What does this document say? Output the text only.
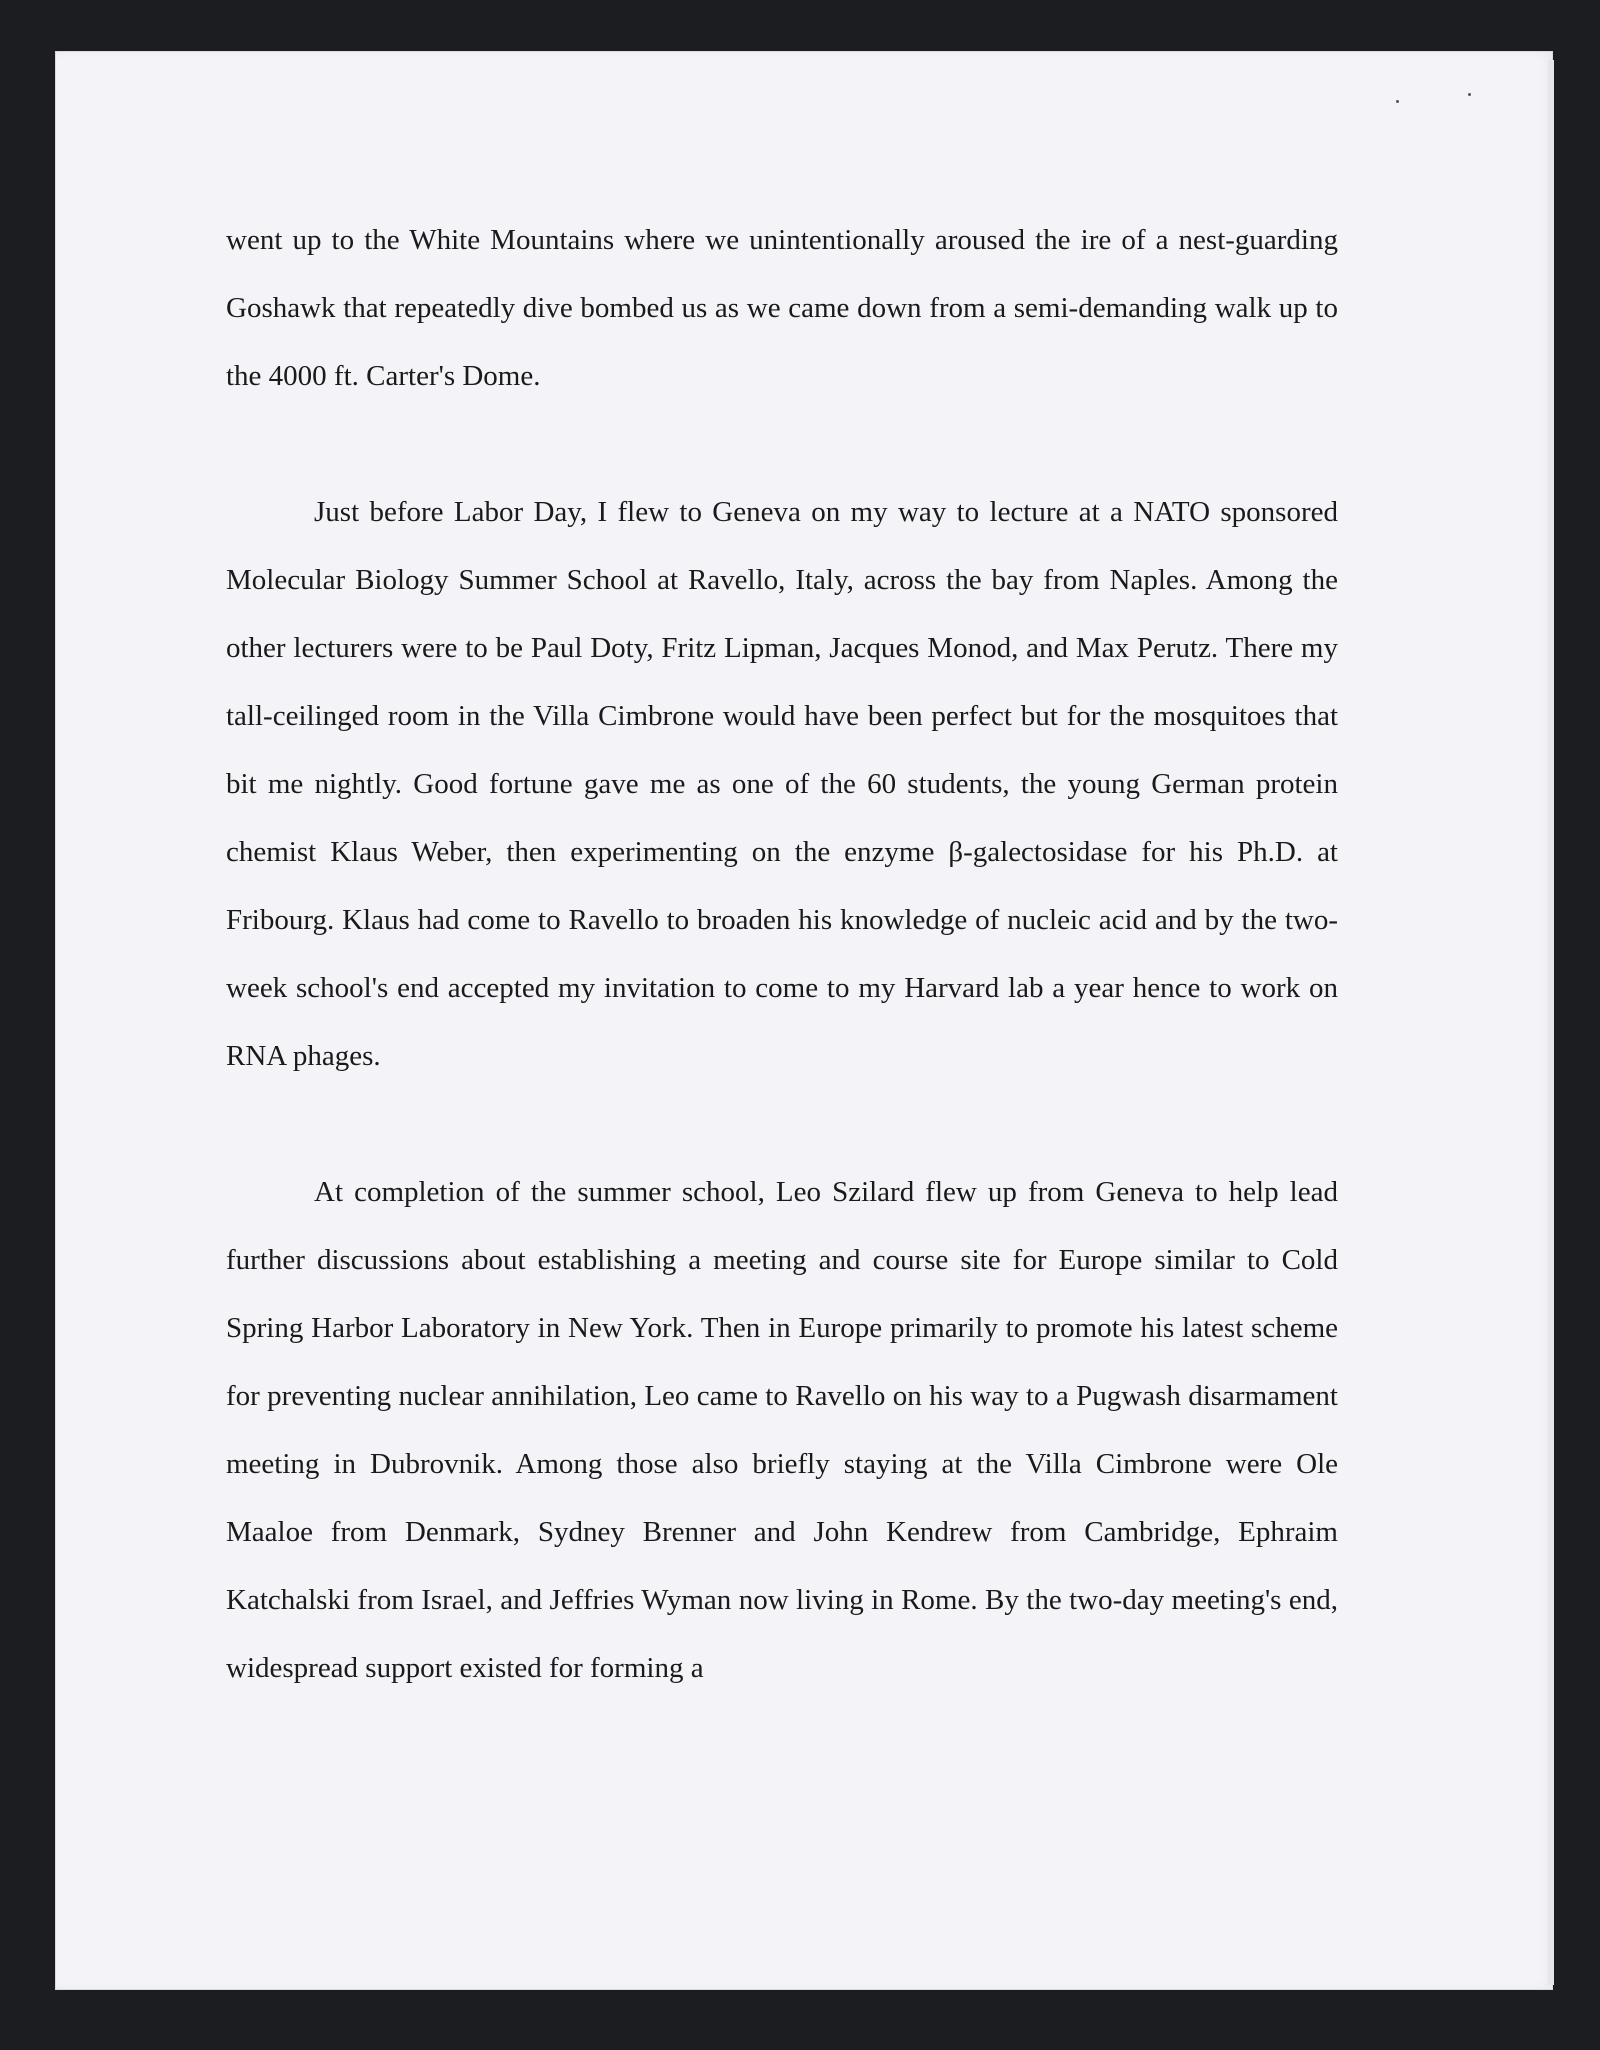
went up to the White Mountains where we unintentionally aroused the ire of a nest-guarding Goshawk that repeatedly dive bombed us as we came down from a semi-demanding walk up to the 4000 ft. Carter's Dome.

Just before Labor Day, I flew to Geneva on my way to lecture at a NATO sponsored Molecular Biology Summer School at Ravello, Italy, across the bay from Naples. Among the other lecturers were to be Paul Doty, Fritz Lipman, Jacques Monod, and Max Perutz. There my tall-ceilinged room in the Villa Cimbrone would have been perfect but for the mosquitoes that bit me nightly. Good fortune gave me as one of the 60 students, the young German protein chemist Klaus Weber, then experimenting on the enzyme β-galectosidase for his Ph.D. at Fribourg. Klaus had come to Ravello to broaden his knowledge of nucleic acid and by the two-week school's end accepted my invitation to come to my Harvard lab a year hence to work on RNA phages.

At completion of the summer school, Leo Szilard flew up from Geneva to help lead further discussions about establishing a meeting and course site for Europe similar to Cold Spring Harbor Laboratory in New York. Then in Europe primarily to promote his latest scheme for preventing nuclear annihilation, Leo came to Ravello on his way to a Pugwash disarmament meeting in Dubrovnik. Among those also briefly staying at the Villa Cimbrone were Ole Maaloe from Denmark, Sydney Brenner and John Kendrew from Cambridge, Ephraim Katchalski from Israel, and Jeffries Wyman now living in Rome. By the two-day meeting's end, widespread support existed for forming a
